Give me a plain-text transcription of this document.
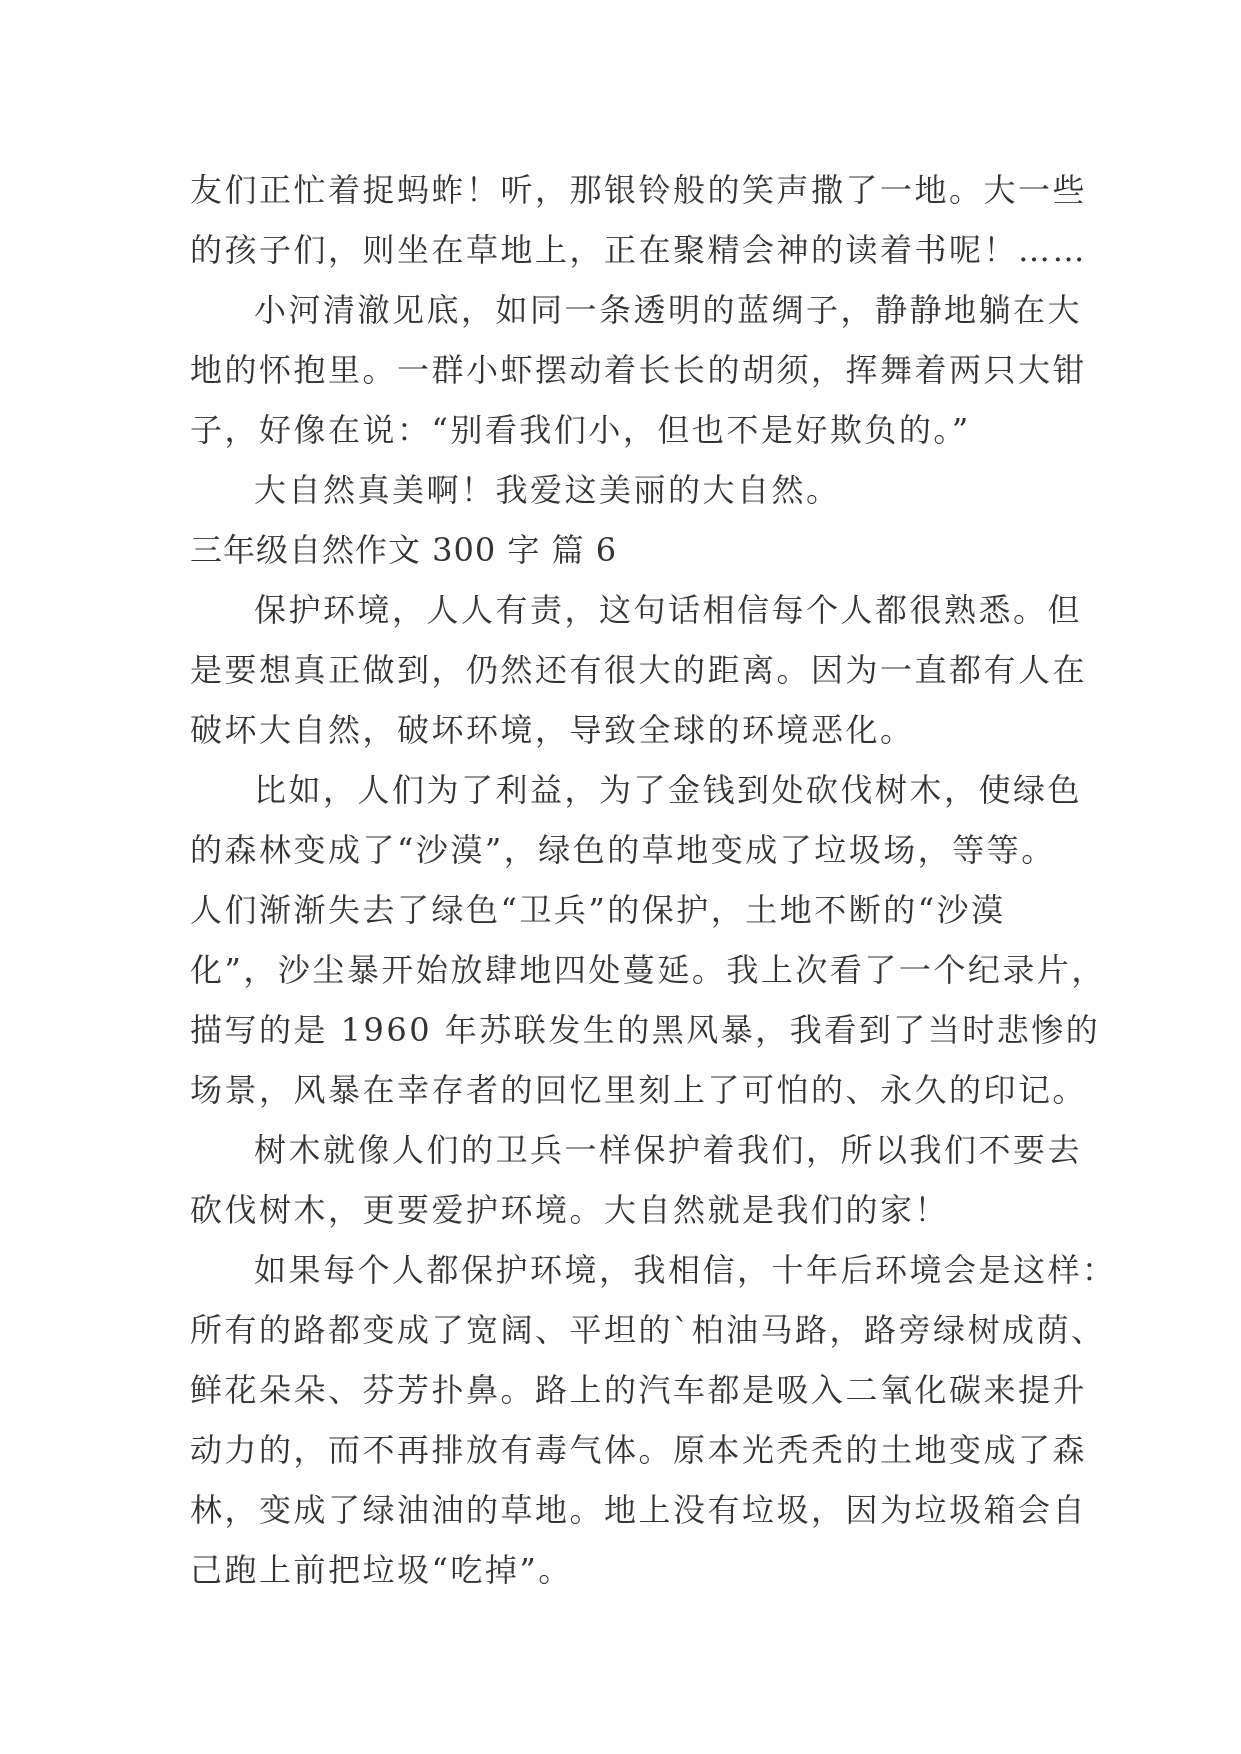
友们正忙着捉蚂蚱！听，那银铃般的笑声撒了一地。大一些
的孩子们，则坐在草地上，正在聚精会神的读着书呢！……
小河清澈见底，如同一条透明的蓝绸子，静静地躺在大
地的怀抱里。一群小虾摆动着长长的胡须，挥舞着两只大钳
子，好像在说：“别看我们小，但也不是好欺负的。”
大自然真美啊！我爱这美丽的大自然。
三年级自然作文 300 字 篇 6
保护环境，人人有责，这句话相信每个人都很熟悉。但
是要想真正做到，仍然还有很大的距离。因为一直都有人在
破坏大自然，破坏环境，导致全球的环境恶化。
比如，人们为了利益，为了金钱到处砍伐树木，使绿色
的森林变成了“沙漠”，绿色的草地变成了垃圾场，等等。
人们渐渐失去了绿色“卫兵”的保护，土地不断的“沙漠
化”，沙尘暴开始放肆地四处蔓延。我上次看了一个纪录片，
描写的是 1960 年苏联发生的黑风暴，我看到了当时悲惨的
场景，风暴在幸存者的回忆里刻上了可怕的、永久的印记。
树木就像人们的卫兵一样保护着我们，所以我们不要去
砍伐树木，更要爱护环境。大自然就是我们的家！
如果每个人都保护环境，我相信，十年后环境会是这样：
所有的路都变成了宽阔、平坦的`柏油马路，路旁绿树成荫、
鲜花朵朵、芬芳扑鼻。路上的汽车都是吸入二氧化碳来提升
动力的，而不再排放有毒气体。原本光秃秃的土地变成了森
林，变成了绿油油的草地。地上没有垃圾，因为垃圾箱会自
己跑上前把垃圾“吃掉”。
